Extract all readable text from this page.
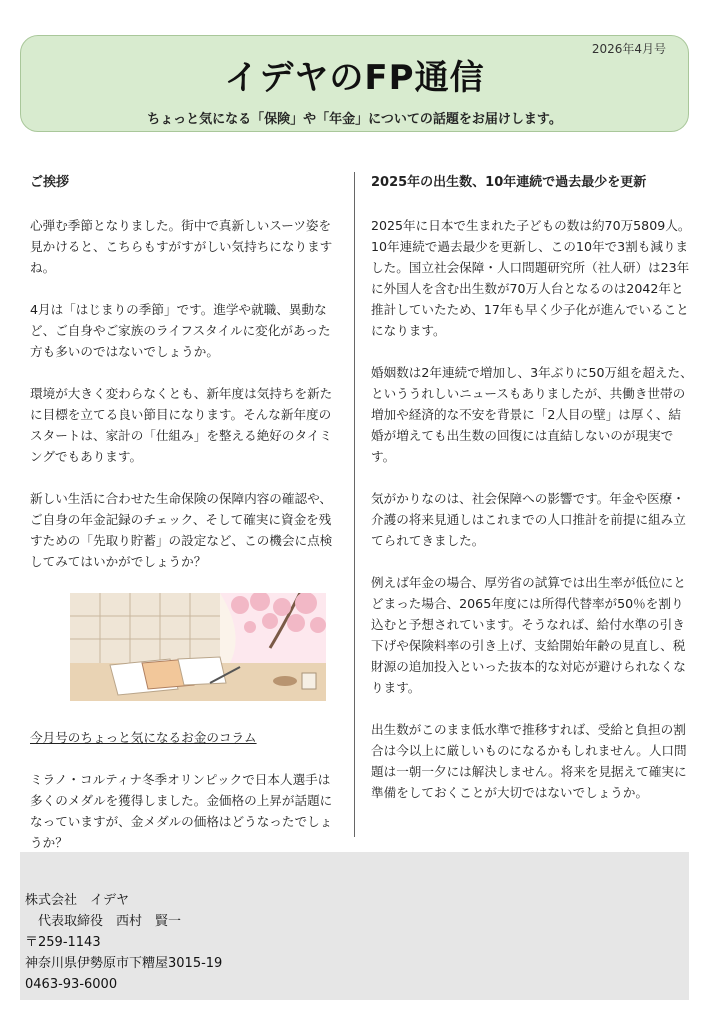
2026年4月号
イデヤのFP通信
ちょっと気になる「保険」や「年金」についての話題をお届けします。
ご挨拶

心弾む季節となりました。街中で真新しいスーツ姿を見かけると、こちらもすがすがしい気持ちになりますね。

4月は「はじまりの季節」です。進学や就職、異動など、ご自身やご家族のライフスタイルに変化があった方も多いのではないでしょうか。

環境が大きく変わらなくとも、新年度は気持ちを新たに目標を立てる良い節目になります。そんな新年度のスタートは、家計の「仕組み」を整える絶好のタイミングでもあります。

新しい生活に合わせた生命保険の保障内容の確認や、ご自身の年金記録のチェック、そして確実に資金を残すための「先取り貯蓄」の設定など、この機会に点検してみてはいかがでしょうか？

今月号のちょっと気になるお金のコラム

ミラノ・コルティナ冬季オリンピックで日本人選手は多くのメダルを獲得しました。金価格の上昇が話題になっていますが、金メダルの価格はどうなったでしょうか？

2025年の出生数、10年連続で過去最少を更新

2025年に日本で生まれた子どもの数は約70万5809人。10年連続で過去最少を更新し、この10年で3割も減りました。国立社会保障・人口問題研究所（社人研）は23年に外国人を含む出生数が70万人台となるのは2042年と推計していたため、17年も早く少子化が進んでいることになります。

婚姻数は2年連続で増加し、3年ぶりに50万組を超えた、といううれしいニュースもありましたが、共働き世帯の増加や経済的な不安を背景に「2人目の壁」は厚く、結婚が増えても出生数の回復には直結しないのが現実です。

気がかりなのは、社会保障への影響です。年金や医療・介護の将来見通しはこれまでの人口推計を前提に組み立てられてきました。

例えば年金の場合、厚労省の試算では出生率が低位にとどまった場合、2065年度には所得代替率が50％を割り込むと予想されています。そうなれば、給付水準の引き下げや保険料率の引き上げ、支給開始年齢の見直し、税財源の追加投入といった抜本的な対応が避けられなくなります。

出生数がこのまま低水準で推移すれば、受給と負担の割合は今以上に厳しいものになるかもしれません。人口問題は一朝一夕には解決しません。将来を見据えて確実に準備をしておくことが大切ではないでしょうか。

株式会社　イデヤ
　代表取締役　西村　賢一
〒259-1143
神奈川県伊勢原市下糟屋3015-19
0463-93-6000
